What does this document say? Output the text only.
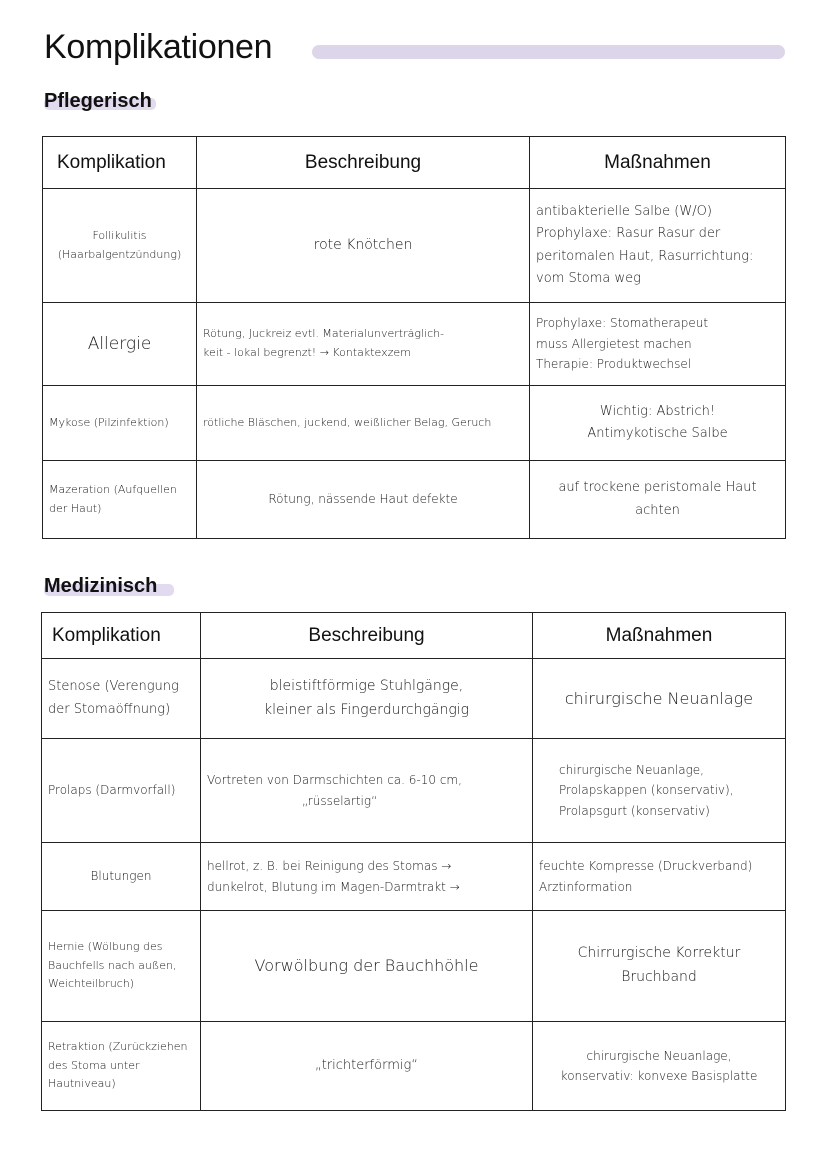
Komplikationen
Pflegerisch
Komplikation	Beschreibung	Maßnahmen

Follikulitis
(Haarbalgentzündung)	rote Knötchen	antibakterielle Salbe (W/O)
Prophylaxe: Rasur Rasur der
peritomalen Haut, Rasurrichtung:
vom Stoma weg

Allergie	Rötung, Juckreiz evtl. Materialunverträglich-
keit - lokal begrenzt! → Kontaktexzem	Prophylaxe: Stomatherapeut
muss Allergietest machen
Therapie: Produktwechsel

Mykose (Pilzinfektion)	rötliche Bläschen, juckend, weißlicher Belag, Geruch	Wichtig: Abstrich!
Antimykotische Salbe

Mazeration (Aufquellen
der Haut)	Rötung, nässende Haut defekte	auf trockene peristomale Haut
achten
Medizinisch
Komplikation	Beschreibung	Maßnahmen

Stenose (Verengung
der Stomaöffnung)	bleistiftförmige Stuhlgänge,
kleiner als Fingerdurchgängig	chirurgische Neuanlage

Prolaps (Darmvorfall)	Vortreten von Darmschichten ca. 6-10 cm,
„rüsselartig“	chirurgische Neuanlage,
Prolapskappen (konservativ),
Prolapsgurt (konservativ)

Blutungen	hellrot, z. B. bei Reinigung des Stomas →
dunkelrot, Blutung im Magen-Darmtrakt →	feuchte Kompresse (Druckverband)
Arztinformation

Hernie (Wölbung des
Bauchfells nach außen,
Weichteilbruch)	Vorwölbung der Bauchhöhle	Chirrurgische Korrektur
Bruchband

Retraktion (Zurückziehen
des Stoma unter
Hautniveau)	„trichterförmig“	chirurgische Neuanlage,
konservativ: konvexe Basisplatte
